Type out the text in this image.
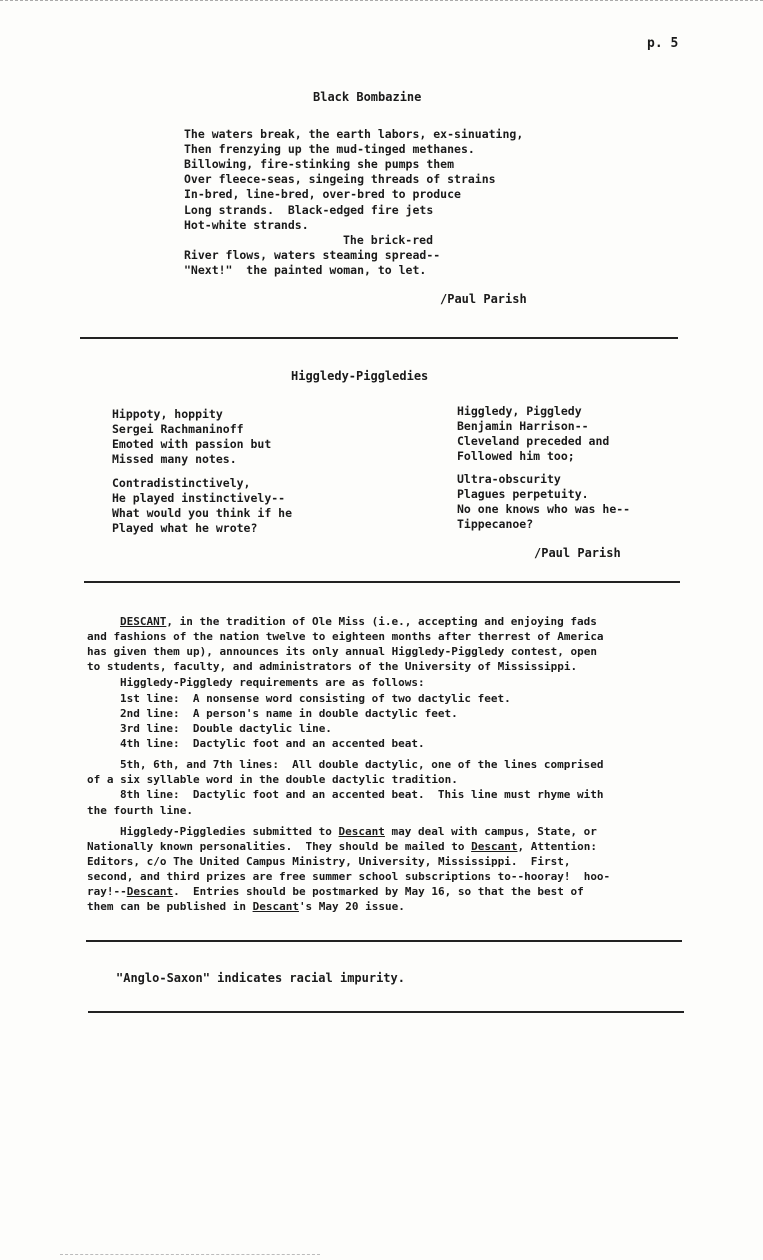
p. 5
Black Bombazine
The waters break, the earth labors, ex-sinuating,
Then frenzying up the mud-tinged methanes.
Billowing, fire-stinking she pumps them
Over fleece-seas, singeing threads of strains
In-bred, line-bred, over-bred to produce
Long strands.  Black-edged fire jets
Hot-white strands.
The brick-red
River flows, waters steaming spread--
"Next!"  the painted woman, to let.
/Paul Parish
Higgledy-Piggledies
Hippoty, hoppity
Sergei Rachmaninoff
Emoted with passion but
Missed many notes.
Contradistinctively,
He played instinctively--
What would you think if he
Played what he wrote?
Higgledy, Piggledy
Benjamin Harrison--
Cleveland preceded and
Followed him too;
Ultra-obscurity
Plagues perpetuity.
No one knows who was he--
Tippecanoe?
/Paul Parish
DESCANT, in the tradition of Ole Miss (i.e., accepting and enjoying fads
and fashions of the nation twelve to eighteen months after therrest of America
has given them up), announces its only annual Higgledy-Piggledy contest, open
to students, faculty, and administrators of the University of Mississippi.
Higgledy-Piggledy requirements are as follows:
1st line: A nonsense word consisting of two dactylic feet.
2nd line: A person's name in double dactylic feet.
3rd line: Double dactylic line.
4th line: Dactylic foot and an accented beat.
5th, 6th, and 7th lines:  All double dactylic, one of the lines comprised
of a six syllable word in the double dactylic tradition.
8th line:  Dactylic foot and an accented beat.  This line must rhyme with
the fourth line.
Higgledy-Piggledies submitted to Descant may deal with campus, State, or
Nationally known personalities.  They should be mailed to Descant, Attention:
Editors, c/o The United Campus Ministry, University, Mississippi.  First,
second, and third prizes are free summer school subscriptions to--hooray!  hoo-
ray!--Descant.  Entries should be postmarked by May 16, so that the best of
them can be published in Descant's May 20 issue.
"Anglo-Saxon" indicates racial impurity.
